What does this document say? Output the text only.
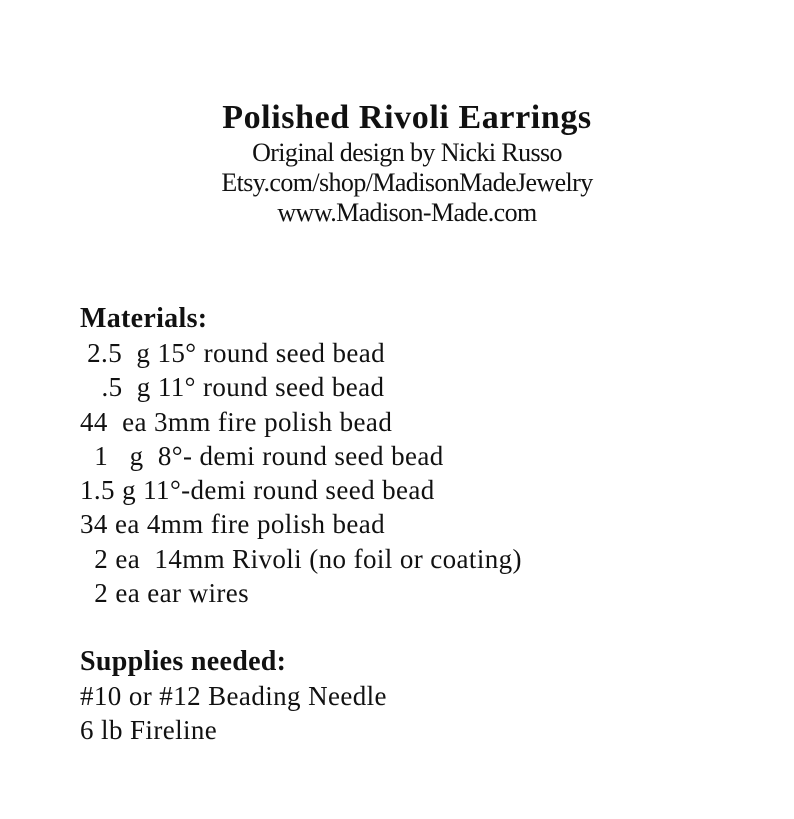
Polished Rivoli Earrings

Original design by Nicki Russo

Etsy.com/shop/MadisonMadeJewelry

www.Madison-Made.com

Materials:

2.5  g 15° round seed bead

.5  g 11° round seed bead

44  ea 3mm fire polish bead

1   g  8°- demi round seed bead

1.5 g 11°-demi round seed bead

34 ea 4mm fire polish bead

2 ea  14mm Rivoli (no foil or coating)

2 ea ear wires

Supplies needed:

#10 or #12 Beading Needle

6 lb Fireline
